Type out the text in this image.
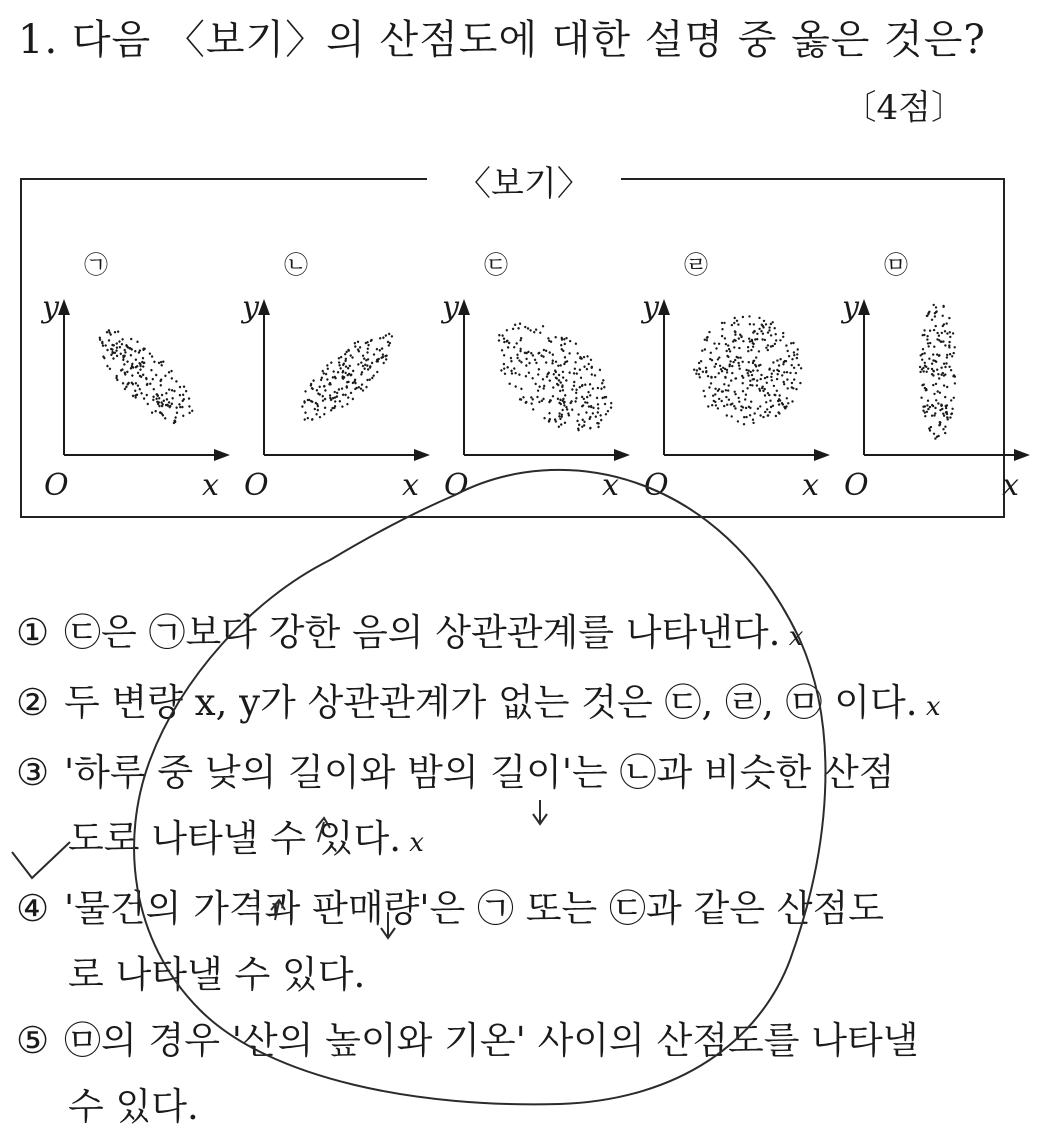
1. 다음 〈보기〉의 산점도에 대한 설명 중 옳은 것은?
〔4점〕
〈보기〉
㉠
y
O	x
㉡
y
O	x
㉢
y
O	x
㉣
y
O	x
㉤
y
O	x
① ㉢은 ㉠보다 강한 음의 상관관계를 나타낸다. x
② 두 변량 x, y가 상관관계가 없는 것은 ㉢, ㉣, ㉤ 이다. x
③ '하루 중 낮의 길이와 밤의 길이'는 ㉡과 비슷한 산점
도로 나타낼 수 있다. x
④ '물건의 가격과 판매량'은 ㉠ 또는 ㉢과 같은 산점도
로 나타낼 수 있다.
⑤ ㉤의 경우 '산의 높이와 기온' 사이의 산점도를 나타낼
수 있다.
